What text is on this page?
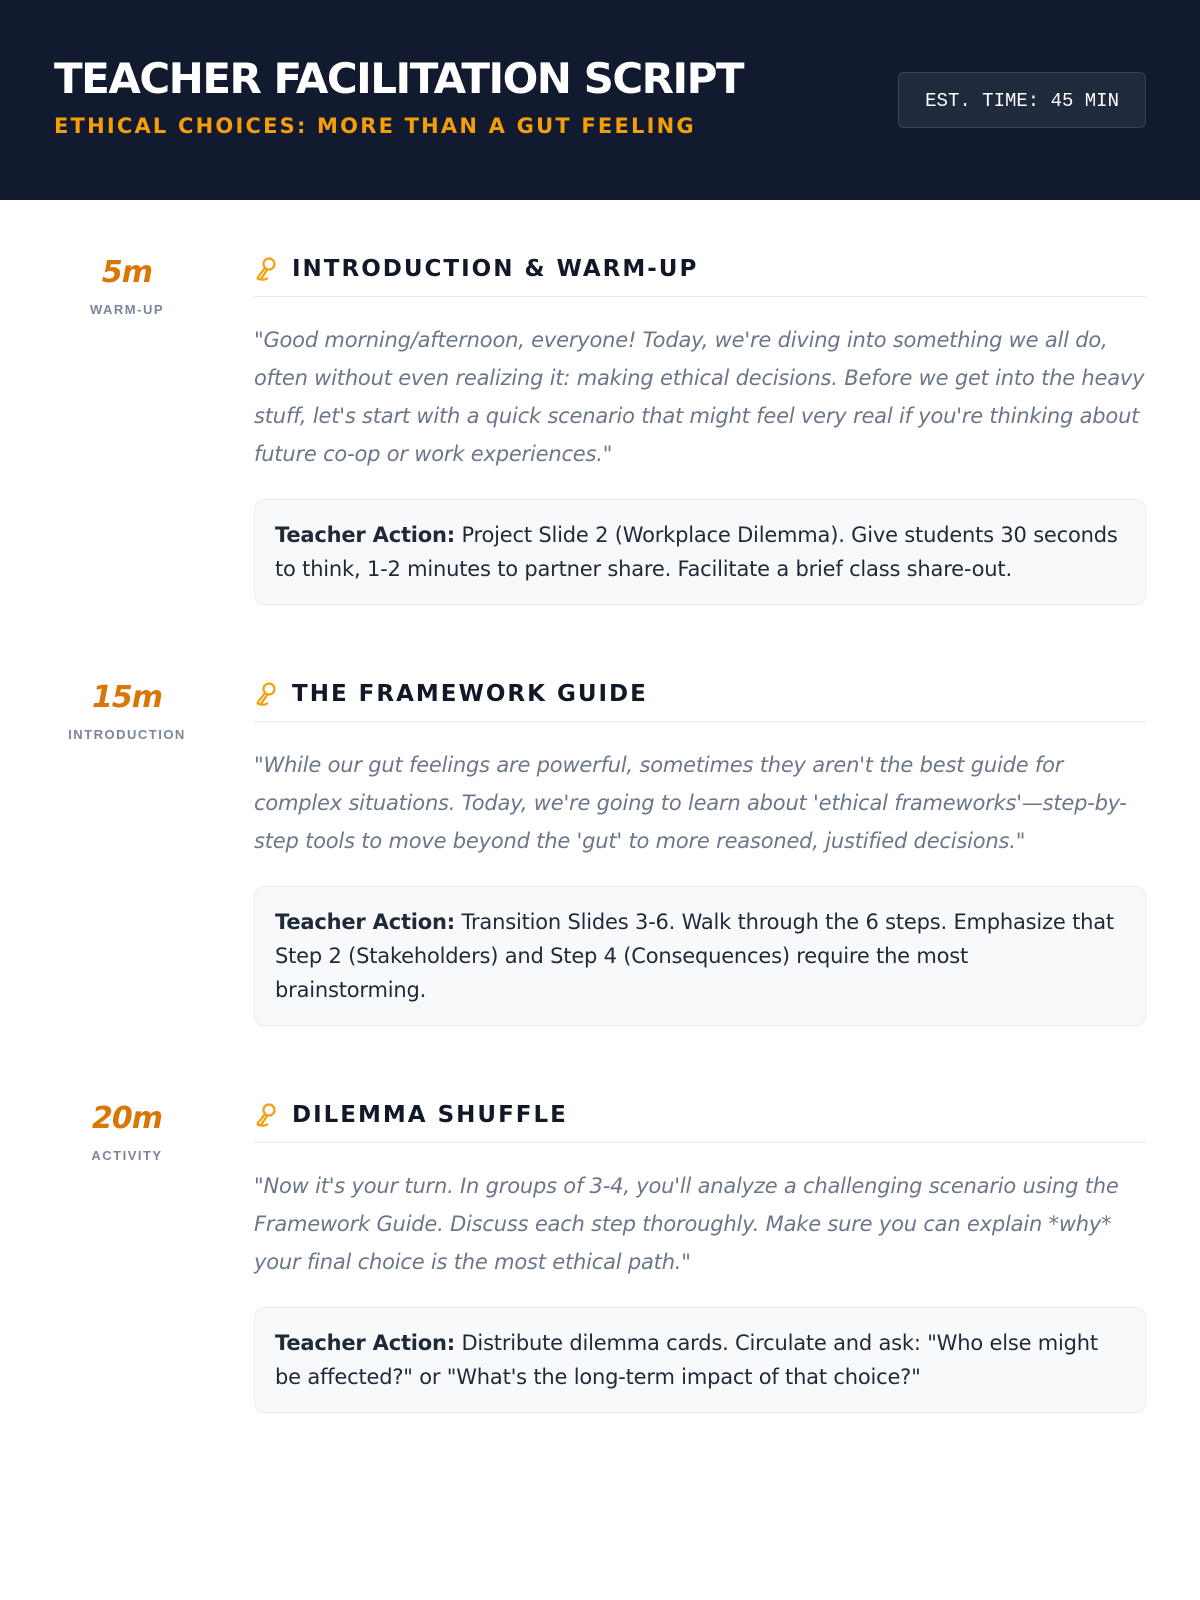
TEACHER FACILITATION SCRIPT
ETHICAL CHOICES: MORE THAN A GUT FEELING
EST. TIME: 45 MIN
5m
WARM-UP
INTRODUCTION & WARM-UP
"Good morning/afternoon, everyone! Today, we're diving into something we all do, often without even realizing it: making ethical decisions. Before we get into the heavy stuff, let's start with a quick scenario that might feel very real if you're thinking about future co-op or work experiences."
Teacher Action: Project Slide 2 (Workplace Dilemma). Give students 30 seconds to think, 1-2 minutes to partner share. Facilitate a brief class share-out.
15m
INTRODUCTION
THE FRAMEWORK GUIDE
"While our gut feelings are powerful, sometimes they aren't the best guide for complex situations. Today, we're going to learn about 'ethical frameworks'—step-by-step tools to move beyond the 'gut' to more reasoned, justified decisions."
Teacher Action: Transition Slides 3-6. Walk through the 6 steps. Emphasize that Step 2 (Stakeholders) and Step 4 (Consequences) require the most brainstorming.
20m
ACTIVITY
DILEMMA SHUFFLE
"Now it's your turn. In groups of 3-4, you'll analyze a challenging scenario using the Framework Guide. Discuss each step thoroughly. Make sure you can explain *why* your final choice is the most ethical path."
Teacher Action: Distribute dilemma cards. Circulate and ask: "Who else might be affected?" or "What's the long-term impact of that choice?"
